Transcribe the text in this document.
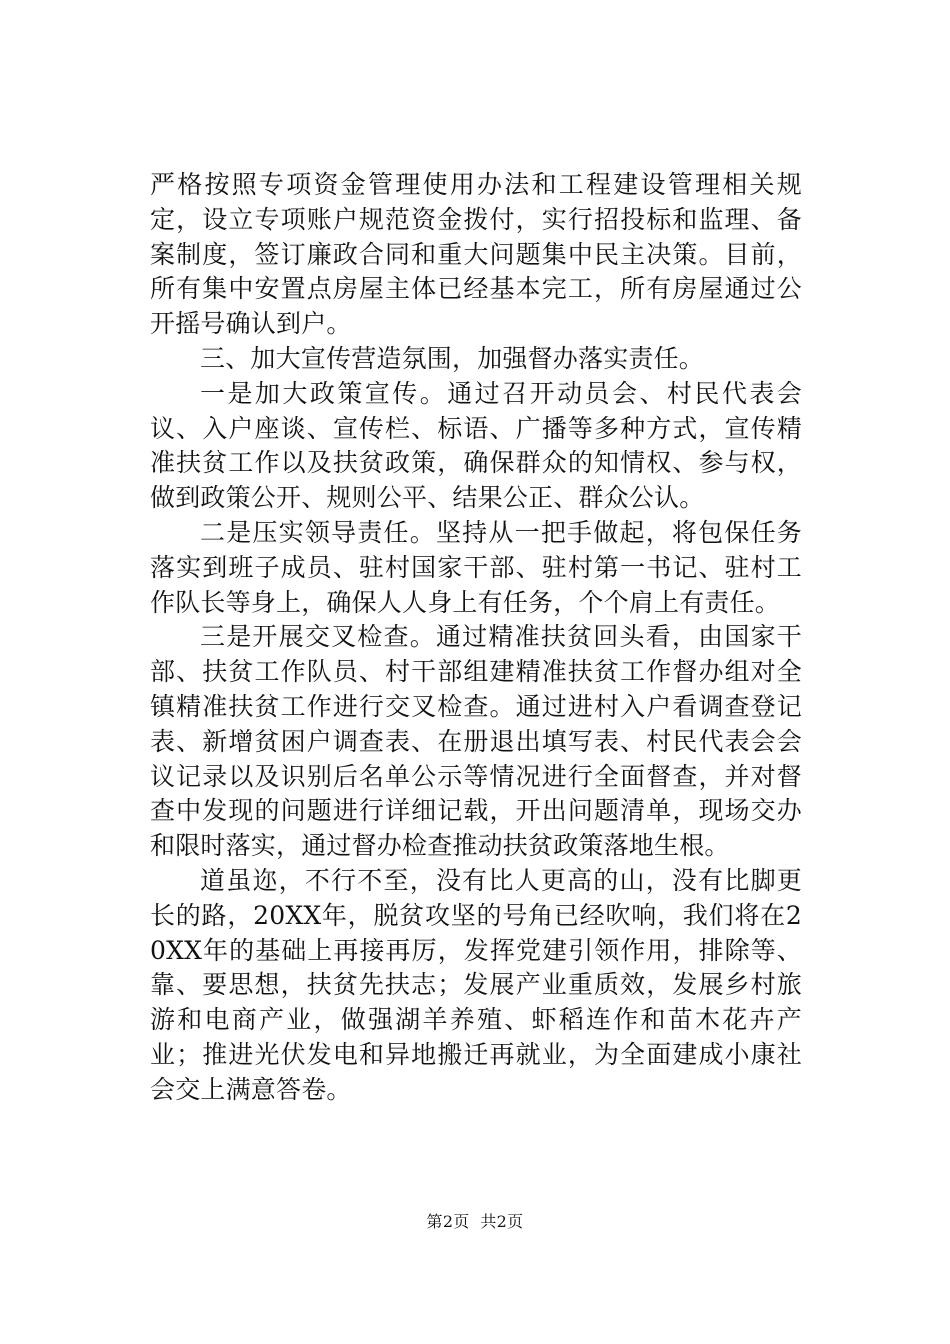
严格按照专项资金管理使用办法和工程建设管理相关规定，设立专项账户规范资金拨付，实行招投标和监理、备案制度，签订廉政合同和重大问题集中民主决策。目前，所有集中安置点房屋主体已经基本完工，所有房屋通过公开摇号确认到户。

三、加大宣传营造氛围，加强督办落实责任。

一是加大政策宣传。通过召开动员会、村民代表会议、入户座谈、宣传栏、标语、广播等多种方式，宣传精准扶贫工作以及扶贫政策，确保群众的知情权、参与权，做到政策公开、规则公平、结果公正、群众公认。

二是压实领导责任。坚持从一把手做起，将包保任务落实到班子成员、驻村国家干部、驻村第一书记、驻村工作队长等身上，确保人人身上有任务，个个肩上有责任。

三是开展交叉检查。通过精准扶贫回头看，由国家干部、扶贫工作队员、村干部组建精准扶贫工作督办组对全镇精准扶贫工作进行交叉检查。通过进村入户看调查登记表、新增贫困户调查表、在册退出填写表、村民代表会会议记录以及识别后名单公示等情况进行全面督查，并对督查中发现的问题进行详细记载，开出问题清单，现场交办和限时落实，通过督办检查推动扶贫政策落地生根。

道虽迩，不行不至，没有比人更高的山，没有比脚更长的路，20XX年，脱贫攻坚的号角已经吹响，我们将在20XX年的基础上再接再厉，发挥党建引领作用，排除等、靠、要思想，扶贫先扶志；发展产业重质效，发展乡村旅游和电商产业，做强湖羊养殖、虾稻连作和苗木花卉产业；推进光伏发电和异地搬迁再就业，为全面建成小康社会交上满意答卷。

第2页  共2页
